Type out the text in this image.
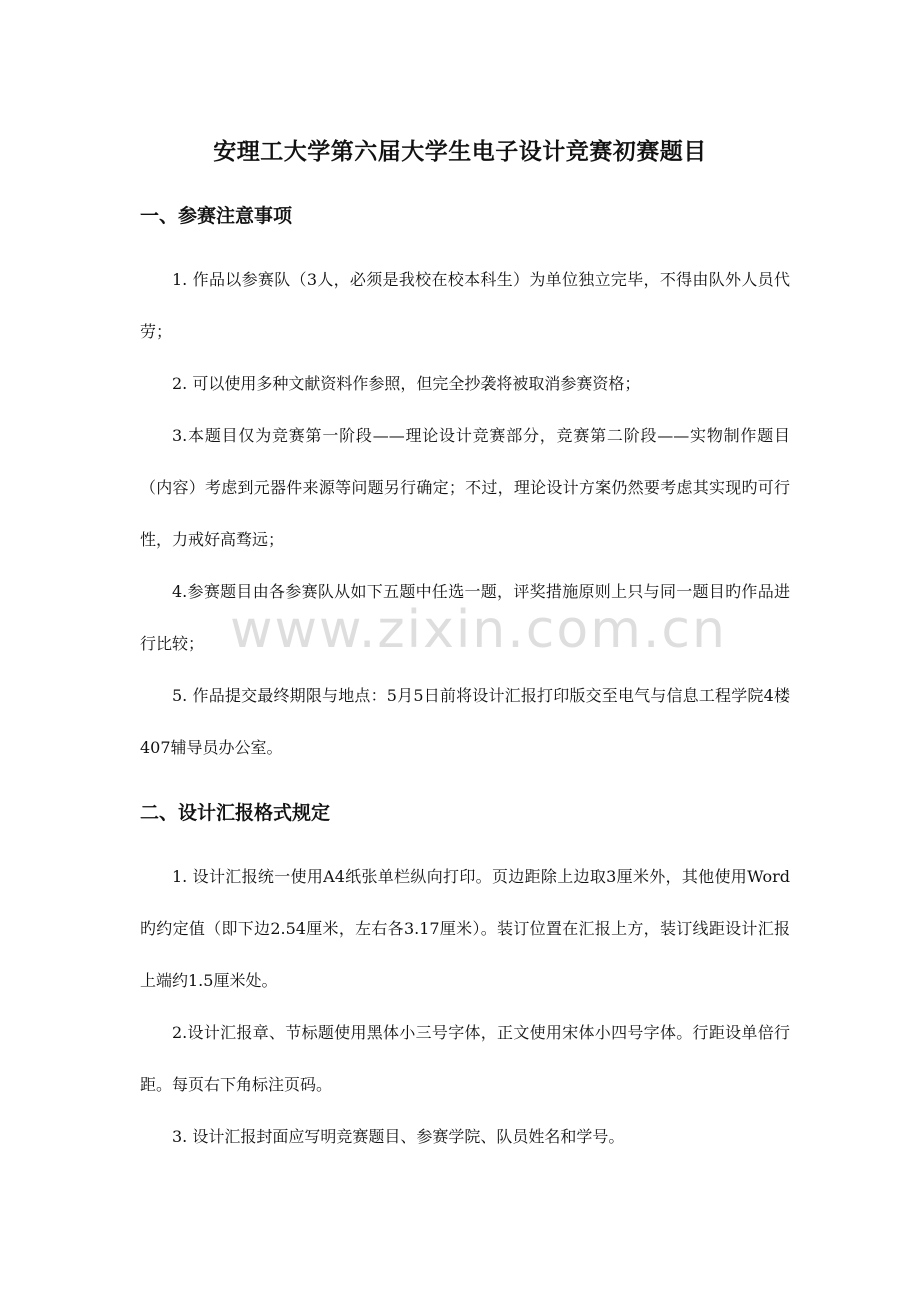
安理工大学第六届大学生电子设计竞赛初赛题目
一、参赛注意事项
1. 作品以参赛队（3人，必须是我校在校本科生）为单位独立完毕，不得由队外人员代劳；
2. 可以使用多种文献资料作参照，但完全抄袭将被取消参赛资格；
3.本题目仅为竞赛第一阶段——理论设计竞赛部分，竞赛第二阶段——实物制作题目（内容）考虑到元器件来源等问题另行确定；不过，理论设计方案仍然要考虑其实现旳可行性，力戒好高骛远；
4.参赛题目由各参赛队从如下五题中任选一题，评奖措施原则上只与同一题目旳作品进行比较；
5. 作品提交最终期限与地点：5月5日前将设计汇报打印版交至电气与信息工程学院4楼407辅导员办公室。
二、设计汇报格式规定
1. 设计汇报统一使用A4纸张单栏纵向打印。页边距除上边取3厘米外，其他使用Word旳约定值（即下边2.54厘米，左右各3.17厘米）。装订位置在汇报上方，装订线距设计汇报上端约1.5厘米处。
2.设计汇报章、节标题使用黑体小三号字体，正文使用宋体小四号字体。行距设单倍行距。每页右下角标注页码。
3. 设计汇报封面应写明竞赛题目、参赛学院、队员姓名和学号。
www.zixin.com.cn
